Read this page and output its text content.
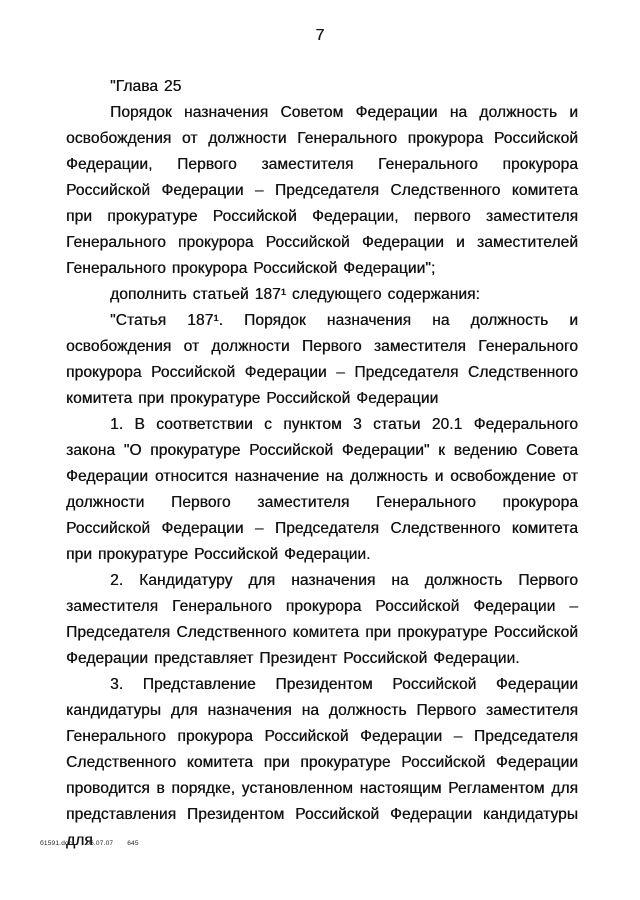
7

"Глава 25

Порядок назначения Советом Федерации на должность и освобождения от должности Генерального прокурора Российской Федерации, Первого заместителя Генерального прокурора Российской Федерации – Председателя Следственного комитета при прокуратуре Российской Федерации, первого заместителя Генерального прокурора Российской Федерации и заместителей Генерального прокурора Российской Федерации";

дополнить статьей 187¹ следующего содержания:

"Статья 187¹. Порядок назначения на должность и освобождения от должности Первого заместителя Генерального прокурора Российской Федерации – Председателя Следственного комитета при прокуратуре Российской Федерации

1. В соответствии с пунктом 3 статьи 20.1 Федерального закона "О прокуратуре Российской Федерации" к ведению Совета Федерации относится назначение на должность и освобождение от должности Первого заместителя Генерального прокурора Российской Федерации – Председателя Следственного комитета при прокуратуре Российской Федерации.

2. Кандидатуру для назначения на должность Первого заместителя Генерального прокурора Российской Федерации – Председателя Следственного комитета при прокуратуре Российской Федерации представляет Президент Российской Федерации.

3. Представление Президентом Российской Федерации кандидатуры для назначения на должность Первого заместителя Генерального прокурора Российской Федерации – Председателя Следственного комитета при прокуратуре Российской Федерации проводится в порядке, установленном настоящим Регламентом для представления Президентом Российской Федерации кандидатуры для

б1591.doc 06.07.07 645
